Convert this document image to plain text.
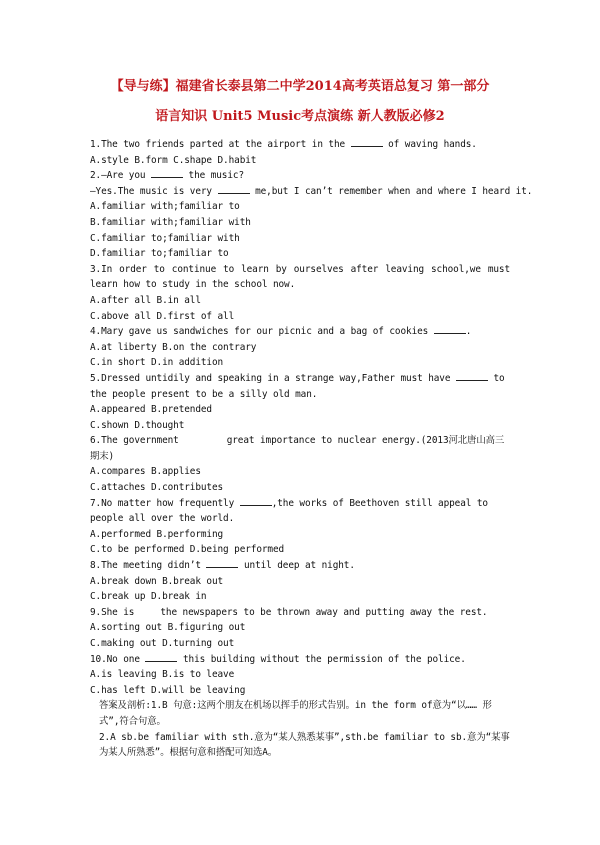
【导与练】福建省长泰县第二中学2014高考英语总复习 第一部分
语言知识 Unit5 Music考点演练 新人教版必修2
1.The two friends parted at the airport in the	of waving hands.
A.style B.form C.shape D.habit
2.—Are you	the music?
—Yes.The music is very	me,but I can’t remember when and where I heard it.
A.familiar with;familiar to
B.familiar with;familiar with
C.familiar to;familiar with
D.familiar to;familiar to
3.In order to continue to learn by ourselves after leaving school,we must learn how to study in the school now.
A.after all B.in all
C.above all D.first of all
4.Mary gave us sandwiches for our picnic and a bag of cookies	.
A.at liberty B.on the contrary
C.in short D.in addition
5.Dressed untidily and speaking in a strange way,Father must have	to the people present to be a silly old man.
A.appeared B.pretended
C.shown D.thought
6.The government	great importance to nuclear energy.(2013河北唐山高三期末)
A.compares B.applies
C.attaches D.contributes
7.No matter how frequently	,the works of Beethoven still appeal to people all over the world.
A.performed B.performing
C.to be performed D.being performed
8.The meeting didn’t	until deep at night.
A.break down B.break out
C.break up D.break in
9.She is	the newspapers to be thrown away and putting away the rest.
A.sorting out B.figuring out
C.making out D.turning out
10.No one	this building without the permission of the police.
A.is leaving B.is to leave
C.has left D.will be leaving
答案及剖析:1.B 句意:这两个朋友在机场以挥手的形式告别。in the form of意为“以…… 形式”,符合句意。
2.A sb.be familiar with sth.意为“某人熟悉某事”,sth.be familiar to sb.意为“某事为某人所熟悉”。根据句意和搭配可知选A。
